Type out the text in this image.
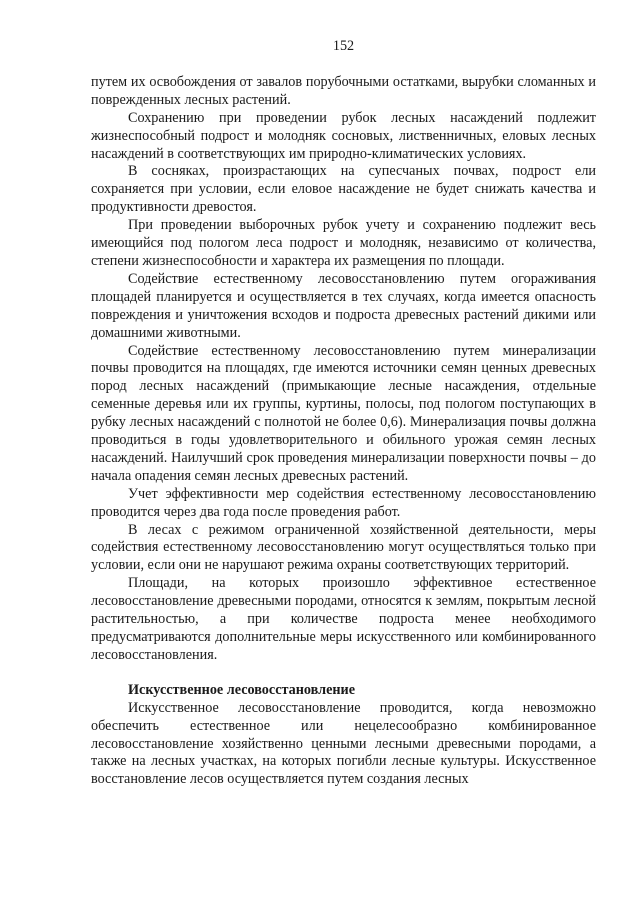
152

путем их освобождения от завалов порубочными остатками, вырубки сломанных и поврежденных лесных растений.

Сохранению при проведении рубок лесных насаждений подлежит жизнеспособный подрост и молодняк сосновых, лиственничных, еловых лесных насаждений в соответствующих им природно-климатических условиях.

В сосняках, произрастающих на супесчаных почвах, подрост ели сохраняется при условии, если еловое насаждение не будет снижать качества и продуктивности древостоя.

При проведении выборочных рубок учету и сохранению подлежит весь имеющийся под пологом леса подрост и молодняк, независимо от количества, степени жизнеспособности и характера их размещения по площади.

Содействие естественному лесовосстановлению путем огораживания площадей планируется и осуществляется в тех случаях, когда имеется опасность повреждения и уничтожения всходов и подроста древесных растений дикими или домашними животными.

Содействие естественному лесовосстановлению путем минерализации почвы проводится на площадях, где имеются источники семян ценных древесных пород лесных насаждений (примыкающие лесные насаждения, отдельные семенные деревья или их группы, куртины, полосы, под пологом поступающих в рубку лесных насаждений с полнотой не более 0,6). Минерализация почвы должна проводиться в годы удовлетворительного и обильного урожая семян лесных насаждений. Наилучший срок проведения минерализации поверхности почвы – до начала опадения семян лесных древесных растений.

Учет эффективности мер содействия естественному лесовосстановлению проводится через два года после проведения работ.

В лесах с режимом ограниченной хозяйственной деятельности, меры содействия естественному лесовосстановлению могут осуществляться только при условии, если они не нарушают режима охраны соответствующих территорий.

Площади, на которых произошло эффективное естественное лесовосстановление древесными породами, относятся к землям, покрытым лесной растительностью, а при количестве подроста менее необходимого предусматриваются дополнительные меры искусственного или комбинированного лесовосстановления.

Искусственное лесовосстановление

Искусственное лесовосстановление проводится, когда невозможно обеспечить естественное или нецелесообразно комбинированное лесовосстановление хозяйственно ценными лесными древесными породами, а также на лесных участках, на которых погибли лесные культуры. Искусственное восстановление лесов осуществляется путем создания лесных
